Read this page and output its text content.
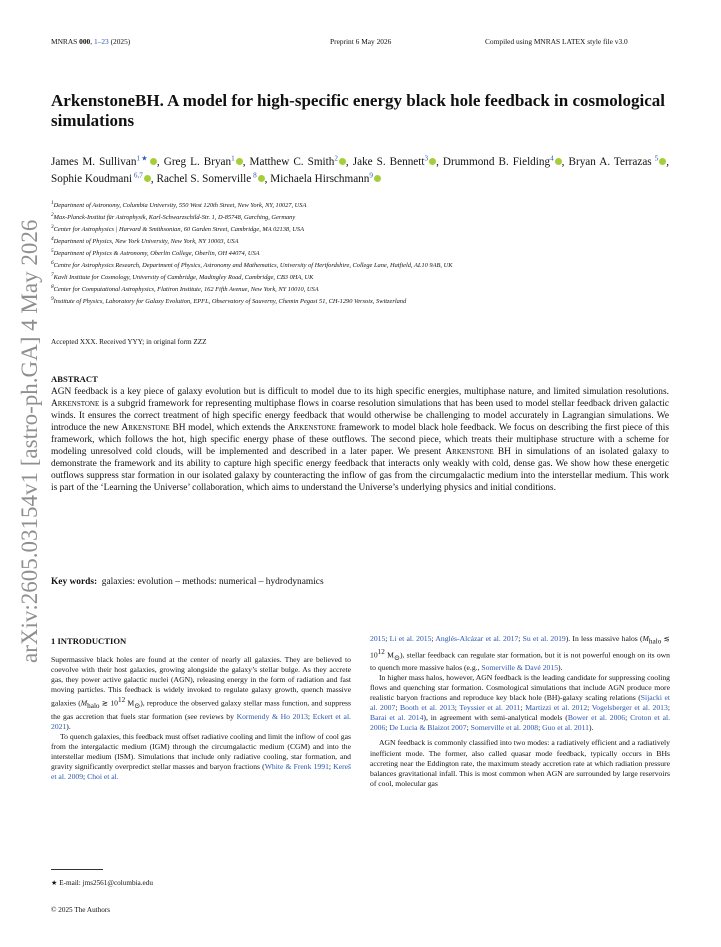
MNRAS 000, 1–23 (2025)	Preprint 6 May 2026	Compiled using MNRAS LATEX style file v3.0
arXiv:2605.03154v1 [astro-ph.GA] 4 May 2026
ArkenstoneBH. A model for high-specific energy black hole feedback in cosmological simulations
James M. Sullivan$^{1★}$ , Greg L. Bryan$^1$ , Matthew C. Smith$^2$ , Jake S. Bennett$^3$ , Drummond B. Fielding$^4$ , Bryan A. Terrazas $^5$ , Sophie Koudmani $^{6,7}$ , Rachel S. Somerville $^8$ , Michaela Hirschmann$^9$
$^1$Department of Astronomy, Columbia University, 550 West 120th Street, New York, NY, 10027, USA
$^2$Max-Planck-Institut für Astrophysik, Karl-Schwarzschild-Str. 1, D-85748, Garching, Germany
$^3$Center for Astrophysics | Harvard & Smithsonian, 60 Garden Street, Cambridge, MA 02138, USA
$^4$Department of Physics, New York University, New York, NY 10003, USA
$^5$Department of Physics & Astronomy, Oberlin College, Oberlin, OH 44074, USA
$^6$Centre for Astrophysics Research, Department of Physics, Astronomy and Mathematics, University of Hertfordshire, College Lane, Hatfield, AL10 9AB, UK
$^7$Kavli Institute for Cosmology, University of Cambridge, Madingley Road, Cambridge, CB3 0HA, UK
$^8$Center for Computational Astrophysics, Flatiron Institute, 162 Fifth Avenue, New York, NY 10010, USA
$^9$Institute of Physics, Laboratory for Galaxy Evolution, EPFL, Observatory of Sauverny, Chemin Pegasi 51, CH-1290 Versoix, Switzerland
Accepted XXX. Received YYY; in original form ZZZ
ABSTRACT
AGN feedback is a key piece of galaxy evolution but is difficult to model due to its high specific energies, multiphase nature, and limited simulation resolutions. Arkenstone is a subgrid framework for representing multiphase flows in coarse resolution simulations that has been used to model stellar feedback driven galactic winds. It ensures the correct treatment of high specific energy feedback that would otherwise be challenging to model accurately in Lagrangian simulations. We introduce the new Arkenstone BH model, which extends the Arkenstone framework to model black hole feedback. We focus on describing the first piece of this framework, which follows the hot, high specific energy phase of these outflows. The second piece, which treats their multiphase structure with a scheme for modeling unresolved cold clouds, will be implemented and described in a later paper. We present Arkenstone BH in simulations of an isolated galaxy to demonstrate the framework and its ability to capture high specific energy feedback that interacts only weakly with cold, dense gas. We show how these energetic outflows suppress star formation in our isolated galaxy by counteracting the inflow of gas from the circumgalactic medium into the interstellar medium. This work is part of the ‘Learning the Universe’ collaboration, which aims to understand the Universe’s underlying physics and initial conditions.
Key words: galaxies: evolution – methods: numerical – hydrodynamics
1 INTRODUCTION

Supermassive black holes are found at the center of nearly all galaxies. They are believed to coevolve with their host galaxies, growing alongside the galaxy’s stellar bulge. As they accrete gas, they power active galactic nuclei (AGN), releasing energy in the form of radiation and fast moving particles. This feedback is widely invoked to regulate galaxy growth, quench massive galaxies ($M_{halo}$ ≳ $10^{12}$ $M_⊙$), reproduce the observed galaxy stellar mass function, and suppress the gas accretion that fuels star formation (see reviews by Kormendy & Ho 2013; Eckert et al. 2021).

To quench galaxies, this feedback must offset radiative cooling and limit the inflow of cool gas from the intergalactic medium (IGM) through the circumgalactic medium (CGM) and into the interstellar medium (ISM). Simulations that include only radiative cooling, star formation, and gravity significantly overpredict stellar masses and baryon fractions (White & Frenk 1991; Kereš et al. 2009; Choi et al.

2015; Li et al. 2015; Anglés-Alcázar et al. 2017; Su et al. 2019). In less massive halos ($M_{halo}$ ≲ $10^{12}$ $M_⊙$), stellar feedback can regulate star formation, but it is not powerful enough on its own to quench more massive halos (e.g., Somerville & Davé 2015).

In higher mass halos, however, AGN feedback is the leading candidate for suppressing cooling flows and quenching star formation. Cosmological simulations that include AGN produce more realistic baryon fractions and reproduce key black hole (BH)-galaxy scaling relations (Sijacki et al. 2007; Booth et al. 2013; Teyssier et al. 2011; Martizzi et al. 2012; Vogelsberger et al. 2013; Barai et al. 2014), in agreement with semi-analytical models (Bower et al. 2006; Croton et al. 2006; De Lucia & Blaizot 2007; Somerville et al. 2008; Guo et al. 2011).

AGN feedback is commonly classified into two modes: a radiatively efficient and a radiatively inefficient mode. The former, also called quasar mode feedback, typically occurs in BHs accreting near the Eddington rate, the maximum steady accretion rate at which radiation pressure balances gravitational infall. This is most common when AGN are surrounded by large reservoirs of cool, molecular gas

★ E-mail: jms2561@columbia.edu
© 2025 The Authors
